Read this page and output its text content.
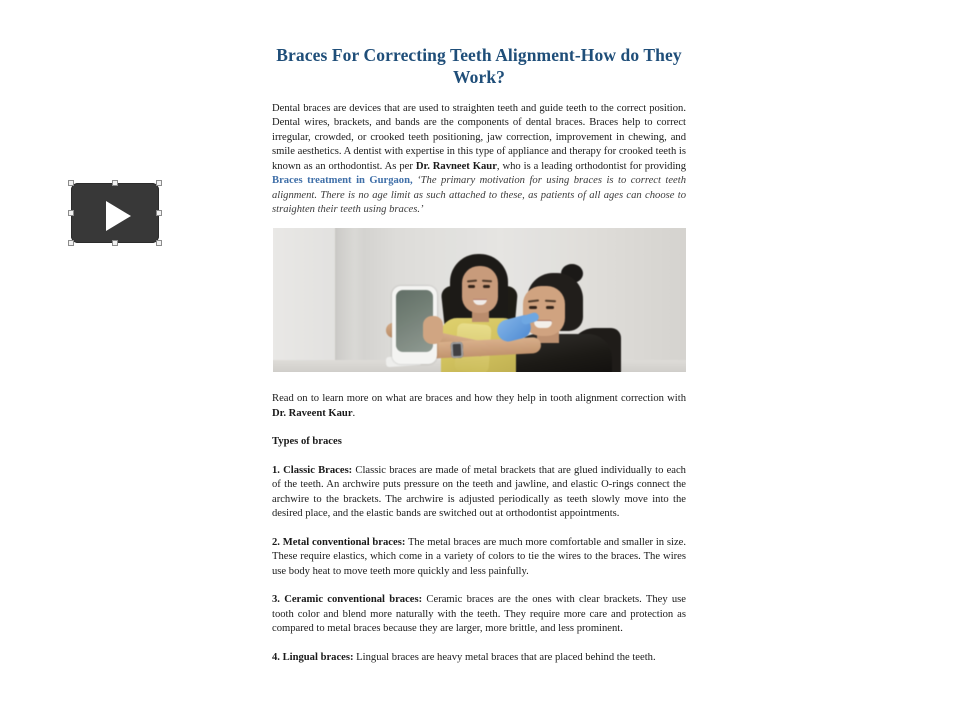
Braces For Correcting Teeth Alignment-How do They Work?

Dental braces are devices that are used to straighten teeth and guide teeth to the correct position. Dental wires, brackets, and bands are the components of dental braces. Braces help to correct irregular, crowded, or crooked teeth positioning, jaw correction, improvement in chewing, and smile aesthetics. A dentist with expertise in this type of appliance and therapy for crooked teeth is known as an orthodontist. As per Dr. Ravneet Kaur, who is a leading orthodontist for providing Braces treatment in Gurgaon, ‘The primary motivation for using braces is to correct teeth alignment. There is no age limit as such attached to these, as patients of all ages can choose to straighten their teeth using braces.’

Read on to learn more on what are braces and how they help in tooth alignment correction with Dr. Raveent Kaur.

Types of braces

1. Classic Braces: Classic braces are made of metal brackets that are glued individually to each of the teeth. An archwire puts pressure on the teeth and jawline, and elastic O-rings connect the archwire to the brackets. The archwire is adjusted periodically as teeth slowly move into the desired place, and the elastic bands are switched out at orthodontist appointments.

2. Metal conventional braces: The metal braces are much more comfortable and smaller in size. These require elastics, which come in a variety of colors to tie the wires to the braces. The wires use body heat to move teeth more quickly and less painfully.

3. Ceramic conventional braces: Ceramic braces are the ones with clear brackets. They use tooth color and blend more naturally with the teeth. They require more care and protection as compared to metal braces because they are larger, more brittle, and less prominent.

4. Lingual braces: Lingual braces are heavy metal braces that are placed behind the teeth.
